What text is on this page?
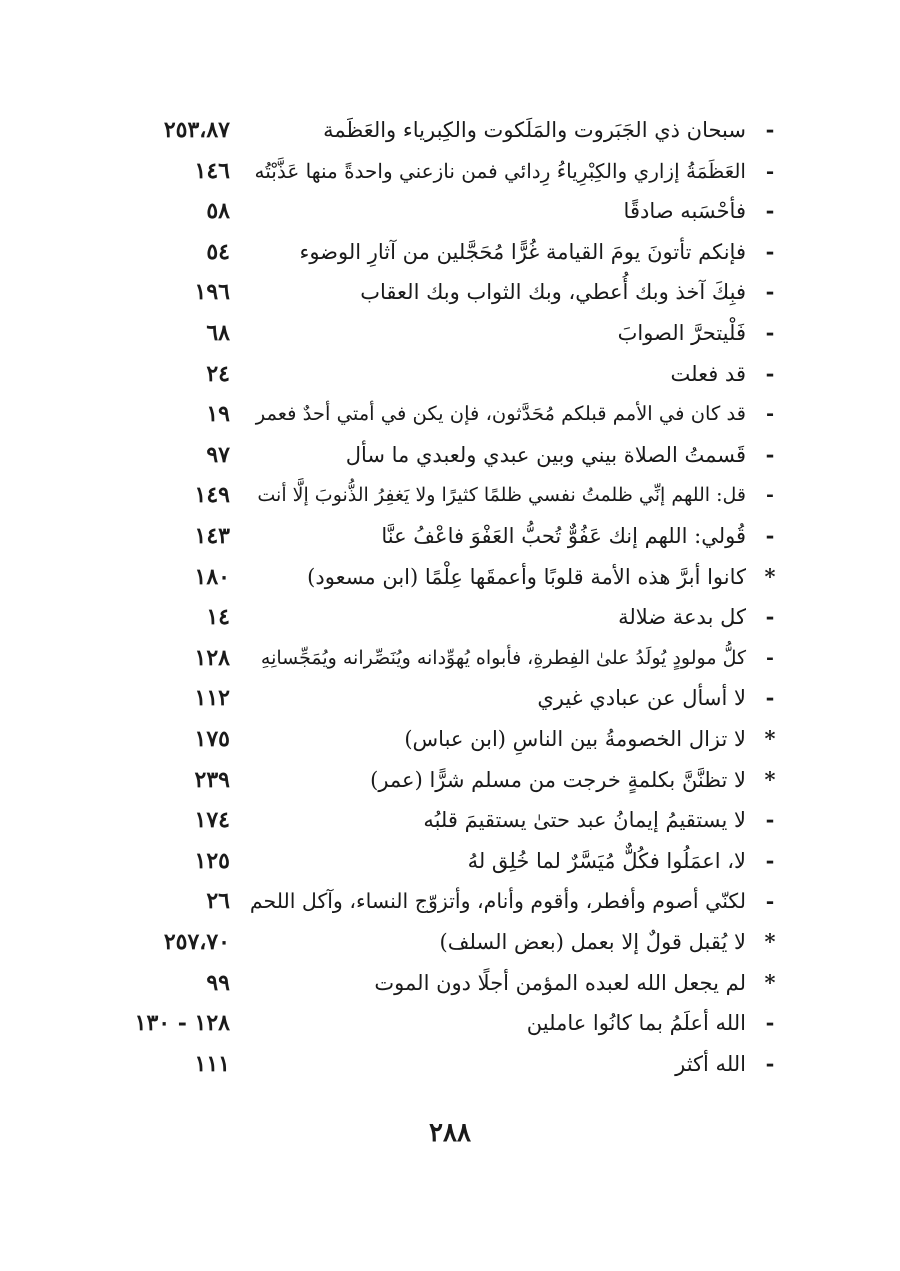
-سبحان ذي الجَبَروت والمَلَكوت والكِبرياء والعَظَمة
٢٥٣،٨٧
-العَظَمَةُ إزاري والكِبْرِياءُ رِدائي فمن نازعني واحدةً منها عَذَّبْتُه
١٤٦
-فأحْسَبه صادقًا
٥٨
-فإنكم تأتونَ يومَ القيامة غُرًّا مُحَجَّلين من آثارِ الوضوء
٥٤
-فبِكَ آخذ وبك أُعطي، وبك الثواب وبك العقاب
١٩٦
-فَلْيتحرَّ الصوابَ
٦٨
-قد فعلت
٢٤
-قد كان في الأمم قبلكم مُحَدَّثون، فإن يكن في أمتي أحدٌ فعمر
١٩
-قَسمتُ الصلاة بيني وبين عبدي ولعبدي ما سأل
٩٧
-قل: اللهم إنِّي ظلمتُ نفسي ظلمًا كثيرًا ولا يَغفِرُ الذُّنوبَ إلَّا أنت
١٤٩
-قُولي: اللهم إنك عَفُوٌّ تُحبُّ العَفْوَ فاعْفُ عنَّا
١٤٣
*كانوا أبرَّ هذه الأمة قلوبًا وأعمقَها عِلْمًا (ابن مسعود)
١٨٠
-كل بدعة ضلالة
١٤
-كلُّ مولودٍ يُولَدُ علىٰ الفِطرةِ، فأبواه يُهوِّدانه ويُنَصِّرانه ويُمَجِّسانِهِ
١٢٨
-لا أسأل عن عبادي غيري
١١٢
*لا تزال الخصومةُ بين الناسِ (ابن عباس)
١٧٥
*لا تظنَّنَّ بكلمةٍ خرجت من مسلم شرًّا (عمر)
٢٣٩
-لا يستقيمُ إيمانُ عبد حتىٰ يستقيمَ قلبُه
١٧٤
-لا، اعمَلُوا فكُلٌّ مُيَسَّرٌ لما خُلِق لهُ
١٢٥
-لكنّي أصوم وأفطر، وأقوم وأنام، وأتزوّج النساء، وآكل اللحم
٢٦
*لا يُقبل قولٌ إلا بعمل (بعض السلف)
٢٥٧،٧٠
*لم يجعل الله لعبده المؤمن أجلًا دون الموت
٩٩
-الله أعلَمُ بما كانُوا عاملين
١٢٨ - ١٣٠
-الله أكثر
١١١
٢٨٨
